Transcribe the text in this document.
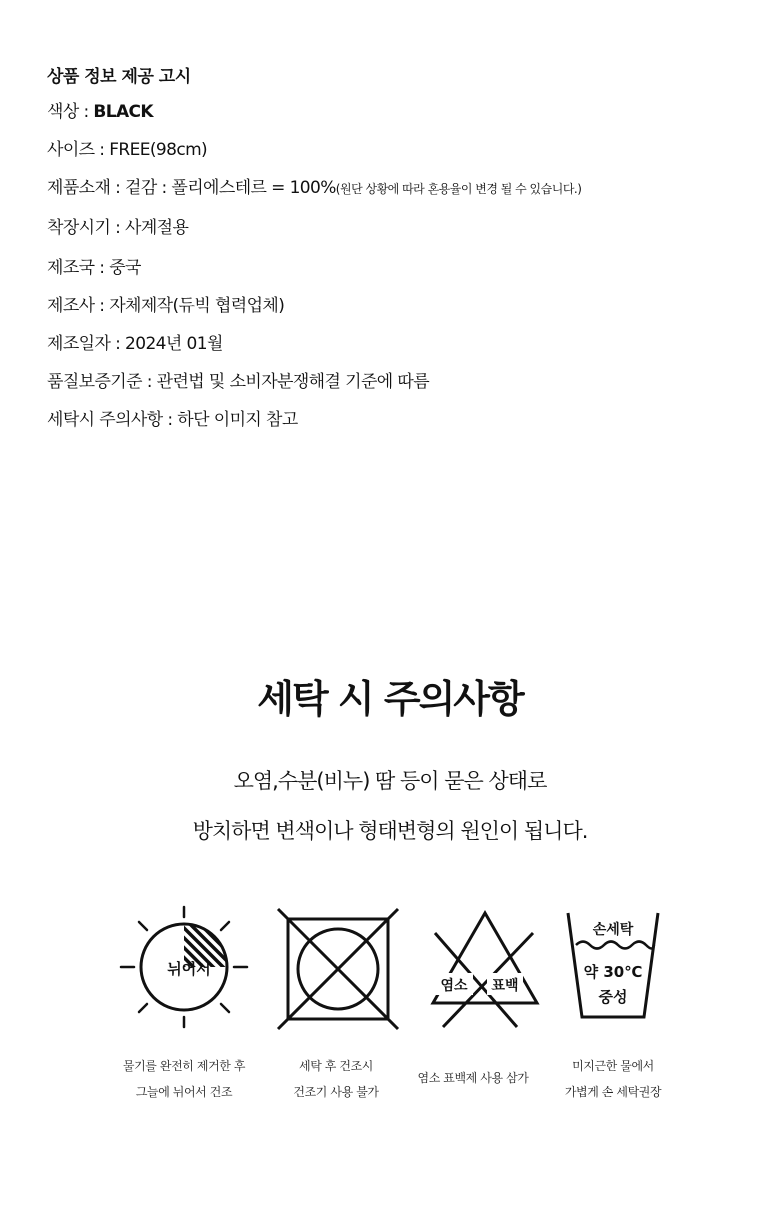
상품 정보 제공 고시

색상 : BLACK

사이즈 : FREE(98cm)

제품소재 : 겉감 : 폴리에스테르 = 100%(원단 상황에 따라 혼용율이 변경 될 수 있습니다.)

착장시기 : 사계절용

제조국 : 중국

제조사 : 자체제작(듀빅 협력업체)

제조일자 : 2024년 01월

품질보증기준 : 관련법 및 소비자분쟁해결 기준에 따름

세탁시 주의사항 : 하단 이미지 참고

세탁 시 주의사항

오염,수분(비누) 땀 등이 묻은 상태로

방치하면 변색이나 형태변형의 원인이 됩니다.

뉘어서
염소 표백
손세탁
약 30℃
중성
물기를 완전히 제거한 후
그늘에 뉘어서 건조
세탁 후 건조시
건조기 사용 불가
염소 표백제 사용 삼가
미지근한 물에서
가볍게 손 세탁권장
